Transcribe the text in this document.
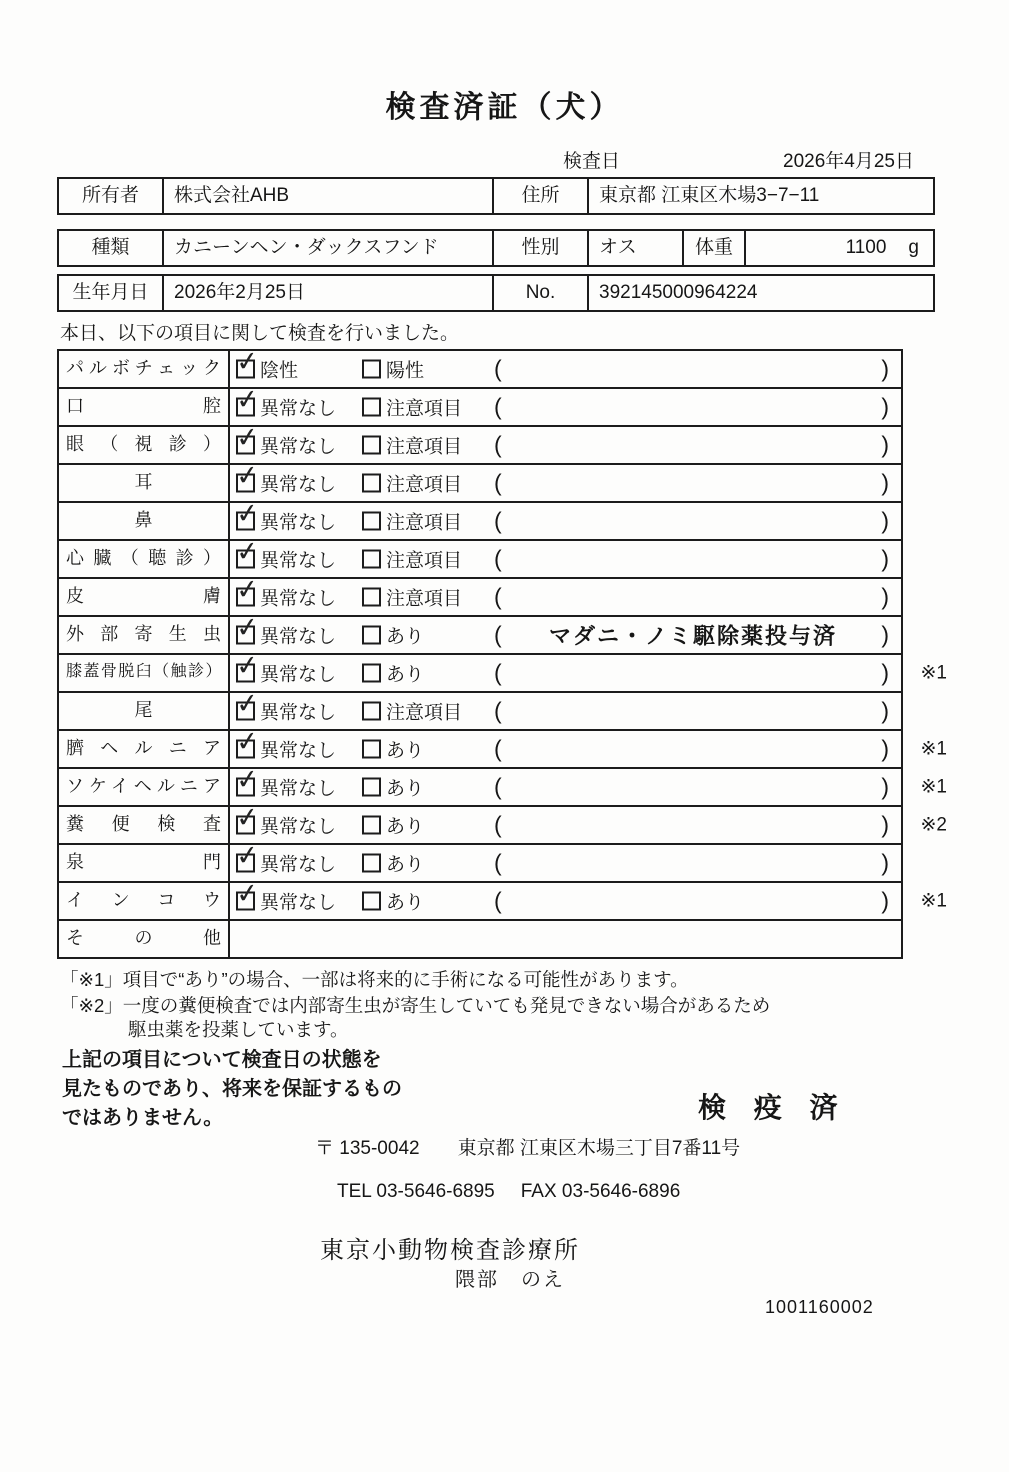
検査済証（犬）
検査日	2026年4月25日
所有者	株式会社AHB	住所	東京都 江東区木場3−7−11
種類	カニーンヘン・ダックスフンド	性別	オス	体重	1100 g
生年月日	2026年2月25日	No.	392145000964224
本日、以下の項目に関して検査を行いました。
パルボチェック ✓	陰性	陽性	(	)
口腔 ✓	異常なし	注意項目 (	)
眼（視診） ✓	異常なし	注意項目 (	)
耳 ✓	異常なし	注意項目 (	)
鼻 ✓	異常なし	注意項目 (	)
心臓（聴診） ✓	異常なし	注意項目 (	)
皮膚 ✓	異常なし	注意項目 (	)
外部寄生虫 ✓	異常なし	あり	(	マダニ・ノミ駆除薬投与済	)
膝蓋骨脱臼（触診） ✓	異常なし	あり	(	) ※1
尾 ✓	異常なし	注意項目 (	)
臍ヘルニア ✓	異常なし	あり	(	) ※1
ソケイヘルニア ✓	異常なし	あり	(	) ※1
糞便検査 ✓	異常なし	あり	(	) ※2
泉門 ✓	異常なし	あり	(	)
インコウ ✓	異常なし	あり	(	) ※1
その他
「※1」項目で“あり”の場合、一部は将来的に手術になる可能性があります。
「※2」一度の糞便検査では内部寄生虫が寄生していても発見できない場合があるため
駆虫薬を投薬しています。
上記の項目について検査日の状態を
見たものであり、将来を保証するもの
ではありません。	検 疫 済
〒 135-0042 東京都 江東区木場三丁目7番11号
TEL 03-5646-6895 FAX 03-5646-6896
東京小動物検査診療所
隈部　のえ
1001160002
